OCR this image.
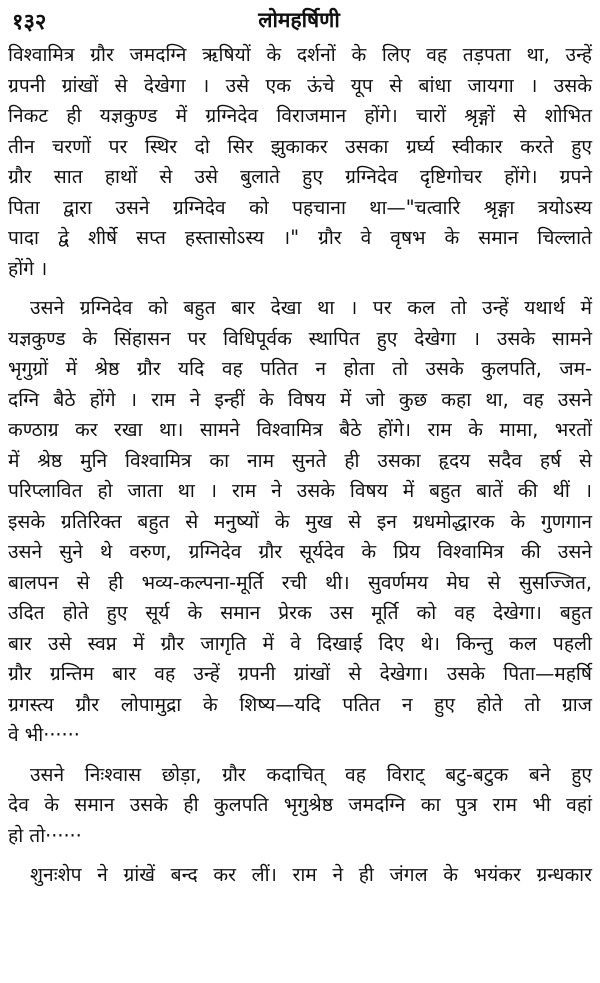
१३२	लोमहर्षिणी
विश्वामित्र ग्रौर जमदग्नि ऋषियों के दर्शनों के लिए वह तड़पता था, उन्हें
ग्रपनी ग्रांखों से देखेगा । उसे एक ऊंचे यूप से बांधा जायगा । उसके
निकट ही यज्ञकुण्ड में ग्रग्निदेव विराजमान होंगे। चारों श्रृङ्गों से शोभित
तीन चरणों पर स्थिर दो सिर झुकाकर उसका ग्रर्घ्य स्वीकार करते हुए
ग्रौर सात हाथों से उसे बुलाते हुए ग्रग्निदेव दृष्टिगोचर होंगे। ग्रपने
पिता द्वारा उसने ग्रग्निदेव को पहचाना था—"चत्वारि श्रृङ्गा त्रयोऽस्य
पादा द्वे शीर्षे सप्त हस्तासोऽस्य ।" ग्रौर वे वृषभ के समान चिल्लाते
होंगे ।
उसने ग्रग्निदेव को बहुत बार देखा था । पर कल तो उन्हें यथार्थ में
यज्ञकुण्ड के सिंहासन पर विधिपूर्वक स्थापित हुए देखेगा । उसके सामने
भृगुग्रों में श्रेष्ठ ग्रौर यदि वह पतित न होता तो उसके कुलपति, जम-
दग्नि बैठे होंगे । राम ने इन्हीं के विषय में जो कुछ कहा था, वह उसने
कण्ठाग्र कर रखा था। सामने विश्वामित्र बैठे होंगे। राम के मामा, भरतों
में श्रेष्ठ मुनि विश्वामित्र का नाम सुनते ही उसका हृदय सदैव हर्ष से
परिप्लावित हो जाता था । राम ने उसके विषय में बहुत बातें की थीं ।
इसके ग्रतिरिक्त बहुत से मनुष्यों के मुख से इन ग्रधमोद्धारक के गुणगान
उसने सुने थे वरुण, ग्रग्निदेव ग्रौर सूर्यदेव के प्रिय विश्वामित्र की उसने
बालपन से ही भव्य-कल्पना-मूर्ति रची थी। सुवर्णमय मेघ से सुसज्जित,
उदित होते हुए सूर्य के समान प्रेरक उस मूर्ति को वह देखेगा। बहुत
बार उसे स्वप्न में ग्रौर जागृति में वे दिखाई दिए थे। किन्तु कल पहली
ग्रौर ग्रन्तिम बार वह उन्हें ग्रपनी ग्रांखों से देखेगा। उसके पिता—महर्षि
ग्रगस्त्य ग्रौर लोपामुद्रा के शिष्य—यदि पतित न हुए होते तो ग्राज
वे भी······
उसने निःश्वास छोड़ा, ग्रौर कदाचित् वह विराट् बटु-बटुक बने हुए
देव के समान उसके ही कुलपति भृगुश्रेष्ठ जमदग्नि का पुत्र राम भी वहां
हो तो······
शुनःशेप ने ग्रांखें बन्द कर लीं। राम ने ही जंगल के भयंकर ग्रन्धकार
